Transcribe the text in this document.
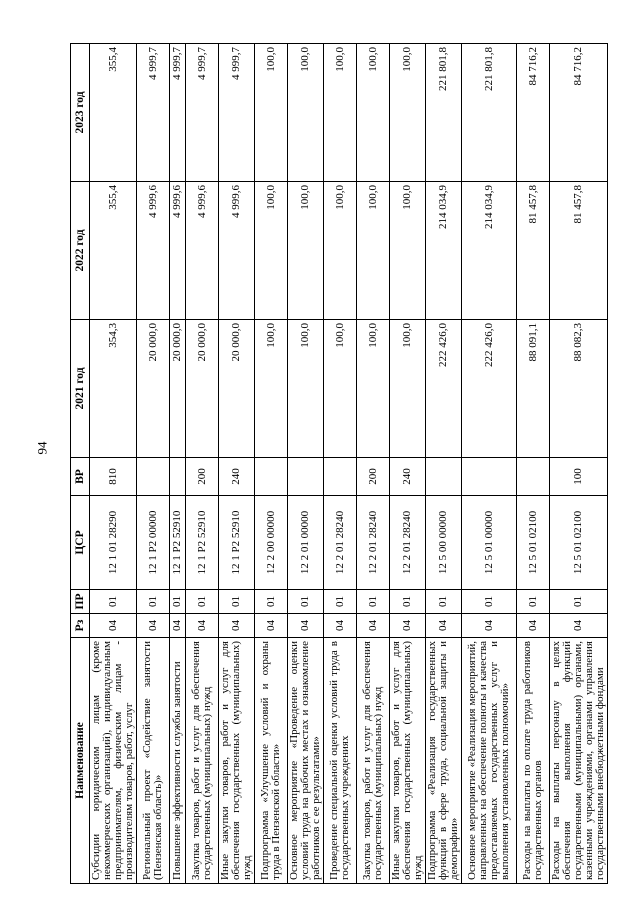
94
Наименование	Рз	ПР	ЦСР	ВР	2021 год	2022 год	2023 год
Субсидии юридическим лицам (кроме некоммерческих организаций), индивидуальным предпринимателям, физическим лицам - производителям товаров, работ, услуг	04	01	12 1 01 28290	810	354,3	355,4	355,4
Региональный проект «Содействие занятости (Пензенская область)»	04	01	12 1 P2 00000		20 000,0	4 999,6	4 999,7
Повышение эффективности службы занятости	04	01	12 1 P2 52910		20 000,0	4 999,6	4 999,7
Закупка товаров, работ и услуг для обеспечения государственных (муниципальных) нужд	04	01	12 1 P2 52910	200	20 000,0	4 999,6	4 999,7
Иные закупки товаров, работ и услуг для обеспечения государственных (муниципальных) нужд	04	01	12 1 P2 52910	240	20 000,0	4 999,6	4 999,7
Подпрограмма «Улучшение условий и охраны труда в Пензенской области»	04	01	12 2 00 00000		100,0	100,0	100,0
Основное мероприятие «Проведение оценки условий труда на рабочих местах и ознакомление работников с ее результатами»	04	01	12 2 01 00000		100,0	100,0	100,0
Проведение специальной оценки условий труда в государственных учреждениях	04	01	12 2 01 28240		100,0	100,0	100,0
Закупка товаров, работ и услуг для обеспечения государственных (муниципальных) нужд	04	01	12 2 01 28240	200	100,0	100,0	100,0
Иные закупки товаров, работ и услуг для обеспечения государственных (муниципальных) нужд	04	01	12 2 01 28240	240	100,0	100,0	100,0
Подпрограмма «Реализация государственных функций в сфере труда, социальной защиты и демографии»	04	01	12 5 00 00000		222 426,0	214 034,9	221 801,8
Основное мероприятие «Реализация мероприятий, направленных на обеспечение полноты и качества предоставляемых государственных услуг и выполнения установленных полномочий»	04	01	12 5 01 00000		222 426,0	214 034,9	221 801,8
Расходы на выплаты по оплате труда работников государственных органов	04	01	12 5 01 02100		88 091,1	81 457,8	84 716,2
Расходы на выплаты персоналу в целях обеспечения выполнения функций государственными (муниципальными) органами, казенными учреждениями, органами управления государственными внебюджетными фондами	04	01	12 5 01 02100	100	88 082,3	81 457,8	84 716,2
